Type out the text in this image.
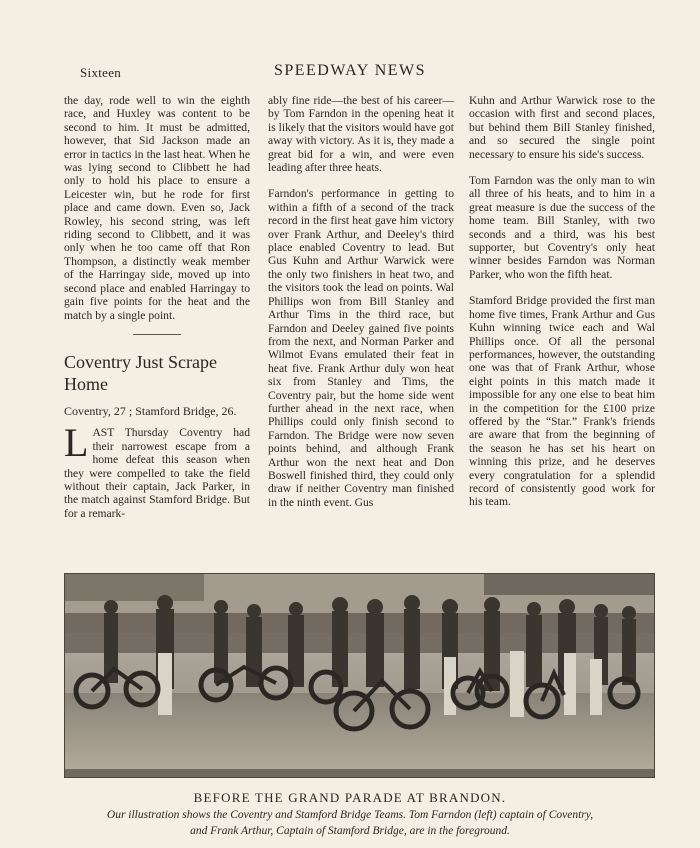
Sixteen	SPEEDWAY NEWS

the day, rode well to win the eighth race, and Huxley was content to be second to him. It must be admitted, however, that Sid Jackson made an error in tactics in the last heat. When he was lying second to Clibbett he had only to hold his place to ensure a Leicester win, but he rode for first place and came down. Even so, Jack Rowley, his second string, was left riding second to Clibbett, and it was only when he too came off that Ron Thompson, a distinctly weak member of the Harringay side, moved up into second place and enabled Harringay to gain five points for the heat and the match by a single point.

Coventry Just Scrape Home
Coventry, 27 ; Stamford Bridge, 26.

LAST Thursday Coventry had their narrowest escape from a home defeat this season when they were compelled to take the field without their captain, Jack Parker, in the match against Stamford Bridge. But for a remark-

ably fine ride—the best of his career—by Tom Farndon in the opening heat it is likely that the visitors would have got away with victory. As it is, they made a great bid for a win, and were even leading after three heats.

Farndon's performance in getting to within a fifth of a second of the track record in the first heat gave him victory over Frank Arthur, and Deeley's third place enabled Coventry to lead. But Gus Kuhn and Arthur Warwick were the only two finishers in heat two, and the visitors took the lead on points. Wal Phillips won from Bill Stanley and Arthur Tims in the third race, but Farndon and Deeley gained five points from the next, and Norman Parker and Wilmot Evans emulated their feat in heat five. Frank Arthur duly won heat six from Stanley and Tims, the Coventry pair, but the home side went further ahead in the next race, when Phillips could only finish second to Farndon. The Bridge were now seven points behind, and although Frank Arthur won the next heat and Don Boswell finished third, they could only draw if neither Coventry man finished in the ninth event. Gus

Kuhn and Arthur Warwick rose to the occasion with first and second places, but behind them Bill Stanley finished, and so secured the single point necessary to ensure his side's success.

Tom Farndon was the only man to win all three of his heats, and to him in a great measure is due the success of the home team. Bill Stanley, with two seconds and a third, was his best supporter, but Coventry's only heat winner besides Farndon was Norman Parker, who won the fifth heat.

Stamford Bridge provided the first man home five times, Frank Arthur and Gus Kuhn winning twice each and Wal Phillips once. Of all the personal performances, however, the outstanding one was that of Frank Arthur, whose eight points in this match made it impossible for any one else to beat him in the competition for the £100 prize offered by the “Star.” Frank's friends are aware that from the beginning of the season he has set his heart on winning this prize, and he deserves every congratulation for a splendid record of consistently good work for his team.

BEFORE THE GRAND PARADE AT BRANDON.
Our illustration shows the Coventry and Stamford Bridge Teams. Tom Farndon (left) captain of Coventry,
and Frank Arthur, Captain of Stamford Bridge, are in the foreground.
